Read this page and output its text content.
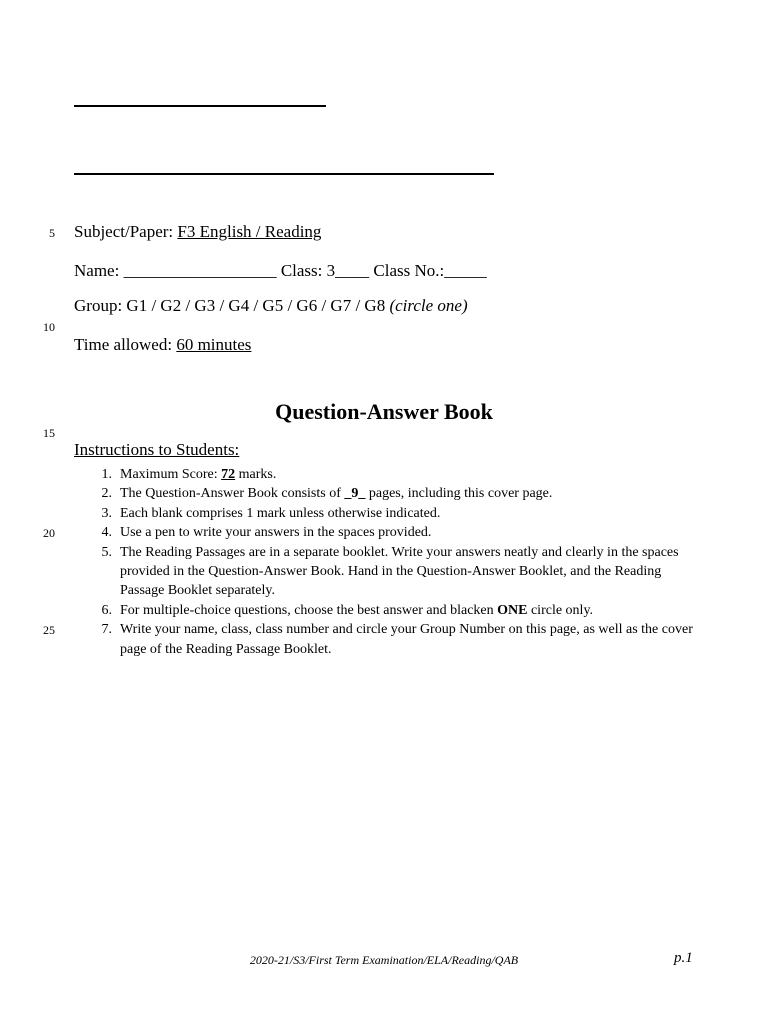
5
10
15
20
25
Subject/Paper: F3 English / Reading
Name: __________________ Class: 3____ Class No.:_____
Group: G1 / G2 / G3 / G4 / G5 / G6 / G7 / G8 (circle one)
Time allowed: 60 minutes
Question-Answer Book
Instructions to Students:
1. Maximum Score: 72 marks.
2. The Question-Answer Book consists of _9_ pages, including this cover page.
3. Each blank comprises 1 mark unless otherwise indicated.
4. Use a pen to write your answers in the spaces provided.
5. The Reading Passages are in a separate booklet. Write your answers neatly and clearly in the spaces provided in the Question-Answer Book. Hand in the Question-Answer Booklet, and the Reading Passage Booklet separately.
6. For multiple-choice questions, choose the best answer and blacken ONE circle only.
7. Write your name, class, class number and circle your Group Number on this page, as well as the cover page of the Reading Passage Booklet.
2020-21/S3/First Term Examination/ELA/Reading/QAB	p.1
